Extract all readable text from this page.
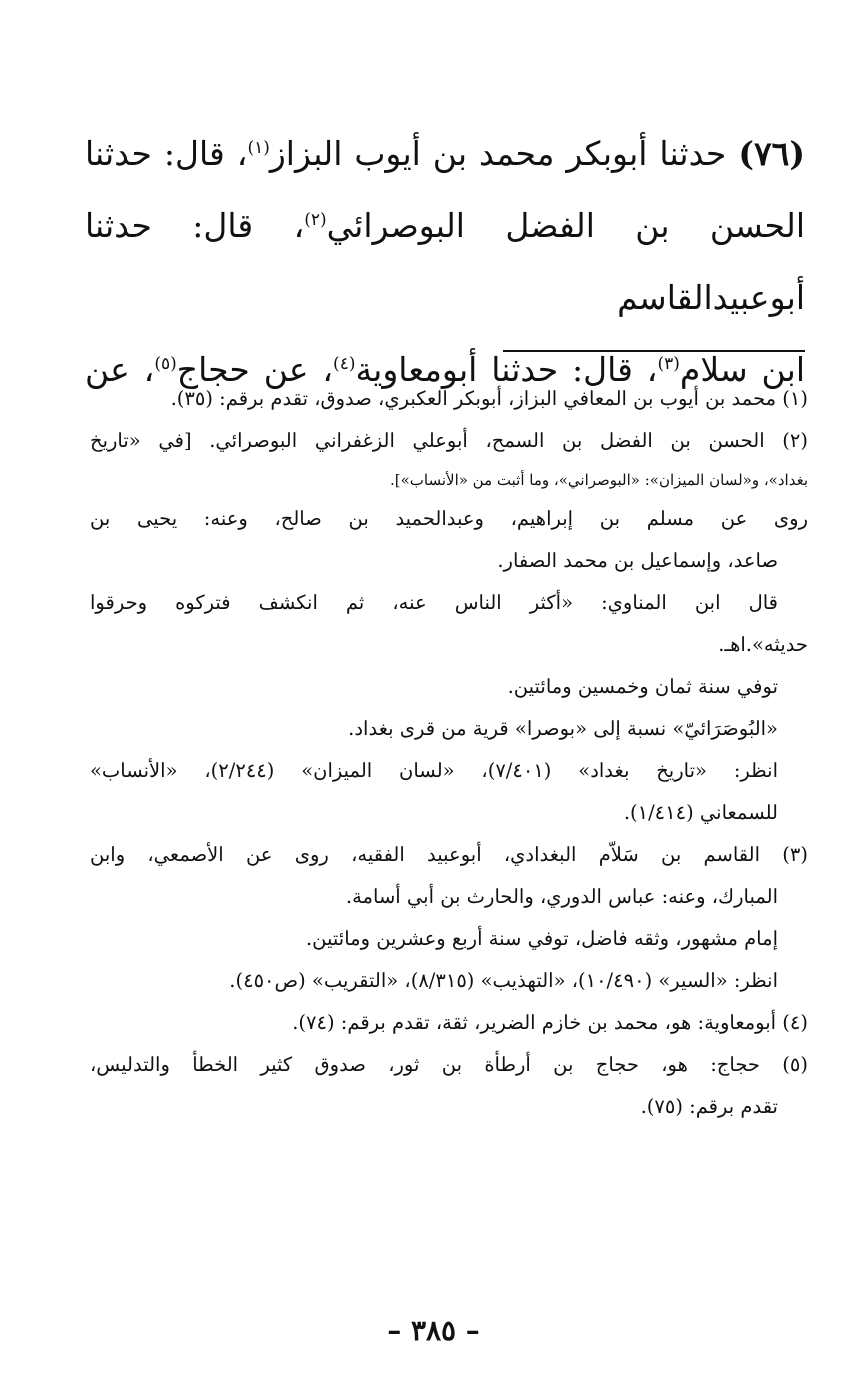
(٧٦) حدثنا أبوبكر محمد بن أيوب البزاز$^{(١)}$، قال: حدثنا

الحسن بن الفضل البوصرائي$^{(٢)}$، قال: حدثنا أبوعبيدالقاسم

ابن سلام$^{(٣)}$، قال: حدثنا أبومعاوية$^{(٤)}$، عن حجاج$^{(٥)}$، عن

(١) محمد بن أيوب بن المعافي البزاز، أبوبكر العكبري، صدوق، تقدم برقم: (٣٥).

(٢) الحسن بن الفضل بن السمح، أبوعلي الزغفراني البوصرائي. [في «تاريخ

بغداد»، و«لسان الميزان»: «البوصراني»، وما أثبت من «الأنساب»].

روى عن مسلم بن إبراهيم، وعبدالحميد بن صالح، وعنه: يحيى بن

صاعد، وإسماعيل بن محمد الصفار.

قال ابن المناوي: «أكثر الناس عنه، ثم انكشف فتركوه وحرقوا

حديثه».اهـ.

توفي سنة ثمان وخمسين ومائتين.

«البُوصَرَائيّ» نسبة إلى «بوصرا» قرية من قرى بغداد.

انظر: «تاريخ بغداد» (٧/٤٠١)، «لسان الميزان» (٢/٢٤٤)، «الأنساب»

للسمعاني (١/٤١٤).

(٣) القاسم بن سَلاّم البغدادي، أبوعبيد الفقيه، روى عن الأصمعي، وابن

المبارك، وعنه: عباس الدوري، والحارث بن أبي أسامة.

إمام مشهور، وثقه فاضل، توفي سنة أربع وعشرين ومائتين.

انظر: «السير» (١٠/٤٩٠)، «التهذيب» (٨/٣١٥)، «التقريب» (ص٤٥٠).

(٤) أبومعاوية: هو، محمد بن خازم الضرير، ثقة، تقدم برقم: (٧٤).

(٥) حجاج: هو، حجاج بن أرطأة بن ثور، صدوق كثير الخطأ والتدليس،

تقدم برقم: (٧٥).

– ٣٨٥ –
